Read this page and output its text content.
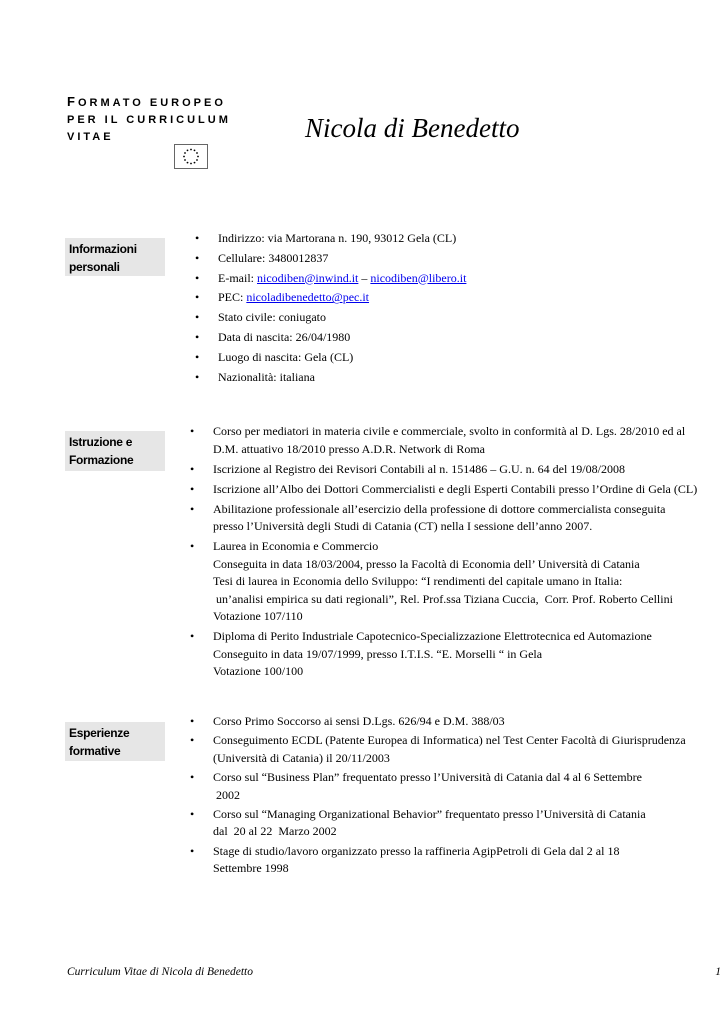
FORMATO EUROPEO
PER IL CURRICULUM
VITAE	Nicola di Benedetto
Informazioni
personali
• Indirizzo: via Martorana n. 190, 93012 Gela (CL)
• Cellulare: 3480012837
• E-mail: nicodiben@inwind.it – nicodiben@libero.it
• PEC: nicoladibenedetto@pec.it
• Stato civile: coniugato
• Data di nascita: 26/04/1980
• Luogo di nascita: Gela (CL)
• Nazionalità: italiana
Istruzione e
Formazione
• Corso per mediatori in materia civile e commerciale, svolto in conformità al D. Lgs. 28/2010 ed al
D.M. attuativo 18/2010 presso A.D.R. Network di Roma
• Iscrizione al Registro dei Revisori Contabili al n. 151486 – G.U. n. 64 del 19/08/2008
• Iscrizione all’Albo dei Dottori Commercialisti e degli Esperti Contabili presso l’Ordine di Gela (CL)
• Abilitazione professionale all’esercizio della professione di dottore commercialista conseguita
presso l’Università degli Studi di Catania (CT) nella I sessione dell’anno 2007.
• Laurea in Economia e Commercio
Conseguita in data 18/03/2004, presso la Facoltà di Economia dell’ Università di Catania
Tesi di laurea in Economia dello Sviluppo: “I rendimenti del capitale umano in Italia:
un’analisi empirica su dati regionali”, Rel. Prof.ssa Tiziana Cuccia,  Corr. Prof. Roberto Cellini
Votazione 107/110
• Diploma di Perito Industriale Capotecnico-Specializzazione Elettrotecnica ed Automazione
Conseguito in data 19/07/1999, presso I.T.I.S. “E. Morselli “ in Gela
Votazione 100/100
Esperienze
formative
• Corso Primo Soccorso ai sensi D.Lgs. 626/94 e D.M. 388/03
• Conseguimento ECDL (Patente Europea di Informatica) nel Test Center Facoltà di Giurisprudenza
(Università di Catania) il 20/11/2003
• Corso sul “Business Plan” frequentato presso l’Università di Catania dal 4 al 6 Settembre
2002
• Corso sul “Managing Organizational Behavior” frequentato presso l’Università di Catania
dal  20 al 22  Marzo 2002
• Stage di studio/lavoro organizzato presso la raffineria AgipPetroli di Gela dal 2 al 18
Settembre 1998
Curriculum Vitae di Nicola di Benedetto	1
